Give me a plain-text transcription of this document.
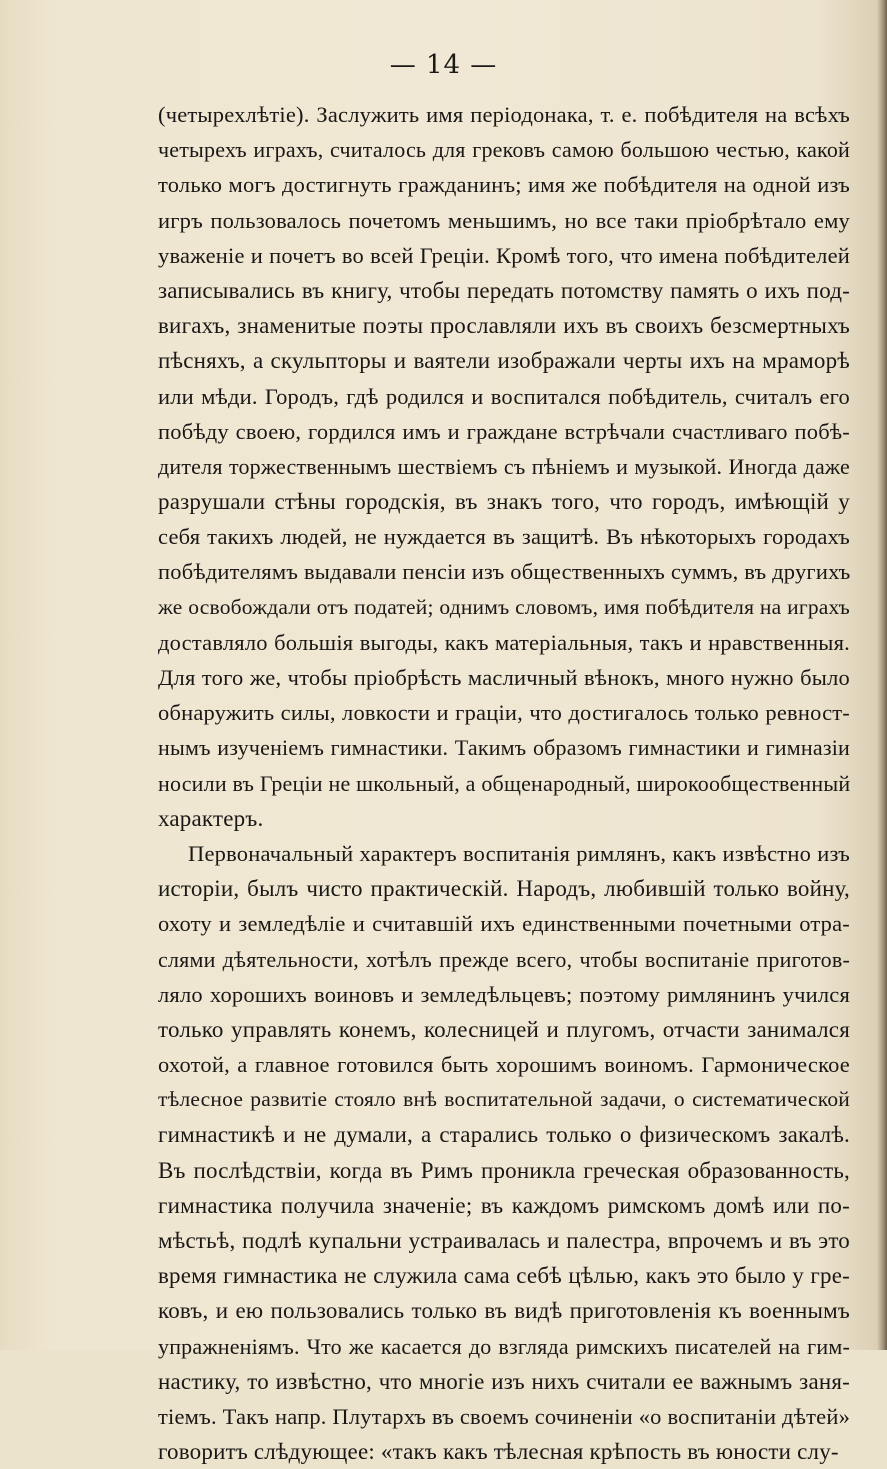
— 14 —
(четырехлѣтіе). Заслужить имя періодонака, т. е. побѣдителя на всѣхъ
четырехъ играхъ, считалось для грековъ самою большою честью, какой
только могъ достигнуть гражданинъ; имя же побѣдителя на одной изъ
игръ пользовалось почетомъ меньшимъ, но все таки пріобрѣтало ему
уваженіе и почетъ во всей Греціи. Кромѣ того, что имена побѣдителей
записывались въ книгу, чтобы передать потомству память о ихъ под-
вигахъ, знаменитые поэты прославляли ихъ въ своихъ безсмертныхъ
пѣсняхъ, а скульпторы и ваятели изображали черты ихъ на мраморѣ
или мѣди. Городъ, гдѣ родился и воспитался побѣдитель, считалъ его
побѣду своею, гордился имъ и граждане встрѣчали счастливаго побѣ-
дителя торжественнымъ шествіемъ съ пѣніемъ и музыкой. Иногда даже
разрушали стѣны городскія, въ знакъ того, что городъ, имѣющій у
себя такихъ людей, не нуждается въ защитѣ. Въ нѣкоторыхъ городахъ
побѣдителямъ выдавали пенсіи изъ общественныхъ суммъ, въ другихъ
же освобождали отъ податей; однимъ словомъ, имя побѣдителя на играхъ
доставляло большія выгоды, какъ матеріальныя, такъ и нравственныя.
Для того же, чтобы пріобрѣсть масличный вѣнокъ, много нужно было
обнаружить силы, ловкости и граціи, что достигалось только ревност-
нымъ изученіемъ гимнастики. Такимъ образомъ гимнастики и гимназіи
носили въ Греціи не школьный, а общенародный, широкообщественный
характеръ.
Первоначальный характеръ воспитанія римлянъ, какъ извѣстно изъ
исторіи, былъ чисто практическій. Народъ, любившій только войну,
охоту и земледѣліе и считавшій ихъ единственными почетными отра-
слями дѣятельности, хотѣлъ прежде всего, чтобы воспитаніе приготов-
ляло хорошихъ воиновъ и земледѣльцевъ; поэтому римлянинъ учился
только управлять конемъ, колесницей и плугомъ, отчасти занимался
охотой, а главное готовился быть хорошимъ воиномъ. Гармоническое
тѣлесное развитіе стояло внѣ воспитательной задачи, о систематической
гимнастикѣ и не думали, а старались только о физическомъ закалѣ.
Въ послѣдствіи, когда въ Римъ проникла греческая образованность,
гимнастика получила значеніе; въ каждомъ римскомъ домѣ или по-
мѣстьѣ, подлѣ купальни устраивалась и палестра, впрочемъ и въ это
время гимнастика не служила сама себѣ цѣлью, какъ это было у гре-
ковъ, и ею пользовались только въ видѣ приготовленія къ военнымъ
упражненіямъ. Что же касается до взгляда римскихъ писателей на гим-
настику, то извѣстно, что многіе изъ нихъ считали ее важнымъ заня-
тіемъ. Такъ напр. Плутархъ въ своемъ сочиненіи «о воспитаніи дѣтей»
говоритъ слѣдующее: «такъ какъ тѣлесная крѣпость въ юности слу-
